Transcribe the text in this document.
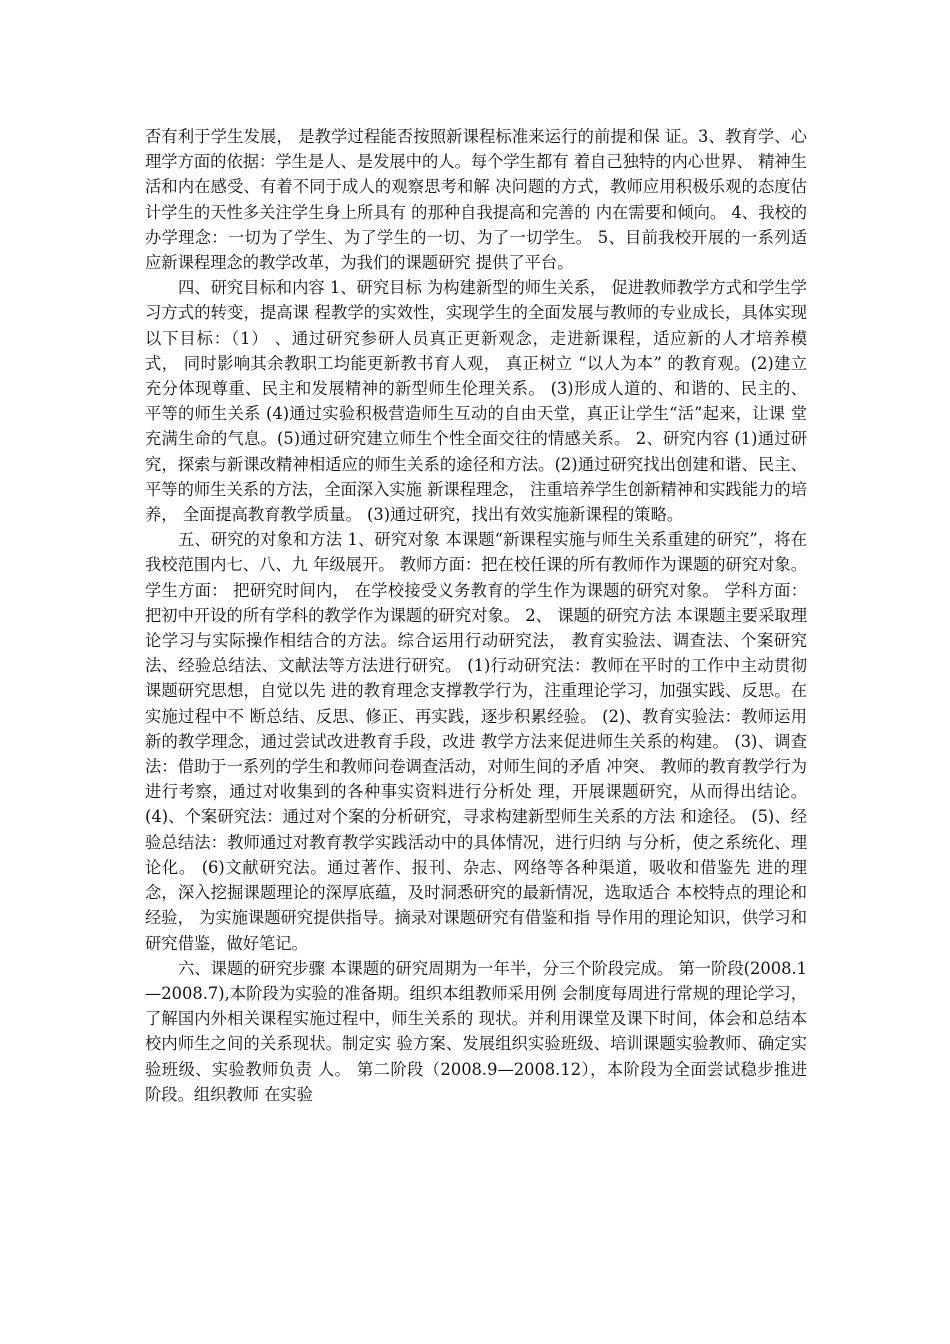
否有利于学生发展， 是教学过程能否按照新课程标准来运行的前提和保 证。3、教育学、心理学方面的依据：学生是人、是发展中的人。每个学生都有 着自己独特的内心世界、 精神生活和内在感受、有着不同于成人的观察思考和解 决问题的方式，教师应用积极乐观的态度估计学生的天性多关注学生身上所具有 的那种自我提高和完善的 内在需要和倾向。 4、我校的办学理念：一切为了学生、为了学生的一切、为了一切学生。 5、目前我校开展的一系列适应新课程理念的教学改革，为我们的课题研究 提供了平台。

四、研究目标和内容 1、研究目标 为构建新型的师生关系， 促进教师教学方式和学生学习方式的转变，提高课 程教学的实效性，实现学生的全面发展与教师的专业成长，具体实现以下目标：（1） 、通过研究参研人员真正更新观念，走进新课程，适应新的人才培养模 式， 同时影响其余教职工均能更新教书育人观， 真正树立 “以人为本” 的教育观。(2)建立充分体现尊重、民主和发展精神的新型师生伦理关系。 (3)形成人道的、和谐的、民主的、平等的师生关系 (4)通过实验积极营造师生互动的自由天堂，真正让学生“活”起来，让课 堂充满生命的气息。(5)通过研究建立师生个性全面交往的情感关系。 2、研究内容 (1)通过研究，探索与新课改精神相适应的师生关系的途径和方法。(2)通过研究找出创建和谐、民主、平等的师生关系的方法，全面深入实施 新课程理念， 注重培养学生创新精神和实践能力的培养， 全面提高教育教学质量。 (3)通过研究，找出有效实施新课程的策略。

五、研究的对象和方法 1、研究对象 本课题“新课程实施与师生关系重建的研究”，将在我校范围内七、八、九 年级展开。 教师方面：把在校任课的所有教师作为课题的研究对象。 学生方面： 把研究时间内， 在学校接受义务教育的学生作为课题的研究对象。 学科方面：把初中开设的所有学科的教学作为课题的研究对象。 2、 课题的研究方法 本课题主要采取理论学习与实际操作相结合的方法。综合运用行动研究法， 教育实验法、调查法、个案研究法、经验总结法、文献法等方法进行研究。 (1)行动研究法：教师在平时的工作中主动贯彻课题研究思想，自觉以先 进的教育理念支撑教学行为，注重理论学习，加强实践、反思。在实施过程中不 断总结、反思、修正、再实践，逐步积累经验。 (2)、教育实验法：教师运用新的教学理念，通过尝试改进教育手段，改进 教学方法来促进师生关系的构建。 (3)、调查法：借助于一系列的学生和教师问卷调查活动，对师生间的矛盾 冲突、 教师的教育教学行为进行考察，通过对收集到的各种事实资料进行分析处 理，开展课题研究，从而得出结论。 (4)、个案研究法：通过对个案的分析研究，寻求构建新型师生关系的方法 和途径。 (5)、经验总结法：教师通过对教育教学实践活动中的具体情况，进行归纳 与分析，使之系统化、理论化。 (6)文献研究法。通过著作、报刊、杂志、网络等各种渠道，吸收和借鉴先 进的理念，深入挖掘课题理论的深厚底蕴，及时洞悉研究的最新情况，选取适合 本校特点的理论和经验， 为实施课题研究提供指导。摘录对课题研究有借鉴和指 导作用的理论知识，供学习和研究借鉴，做好笔记。

六、课题的研究步骤 本课题的研究周期为一年半，分三个阶段完成。 第一阶段(2008.1—2008.7),本阶段为实验的准备期。组织本组教师采用例 会制度每周进行常规的理论学习，了解国内外相关课程实施过程中，师生关系的 现状。并利用课堂及课下时间，体会和总结本校内师生之间的关系现状。制定实 验方案、发展组织实验班级、培训课题实验教师、确定实验班级、实验教师负责 人。 第二阶段（2008.9—2008.12），本阶段为全面尝试稳步推进阶段。组织教师 在实验
